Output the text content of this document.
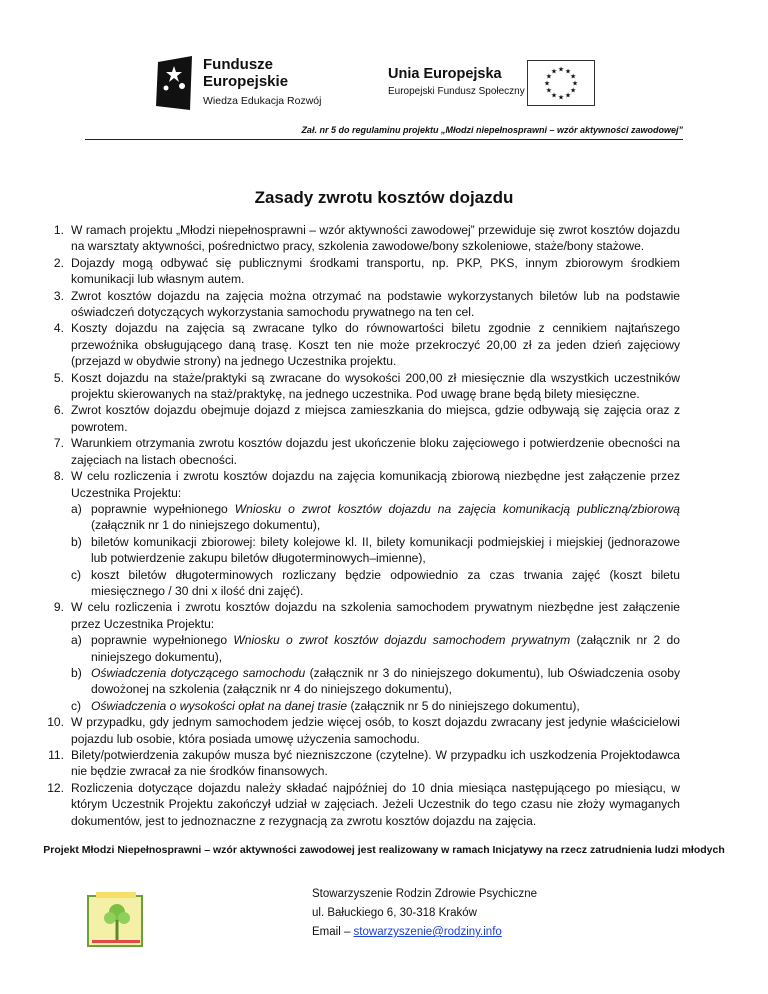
Fundusze
Europejskie
Wiedza Edukacja Rozwój
Unia Europejska
Europejski Fundusz Społeczny
★ ★
★
★
★
★
★
★
★
★
★
★
Zał. nr 5 do regulaminu projektu „Młodzi niepełnosprawni – wzór aktywności zawodowej”
Zasady zwrotu kosztów dojazdu
1. W ramach projektu „Młodzi niepełnosprawni – wzór aktywności zawodowej” przewiduje się zwrot kosztów dojazdu na warsztaty aktywności, pośrednictwo pracy, szkolenia zawodowe/bony szkoleniowe, staże/bony stażowe.
2. Dojazdy mogą odbywać się publicznymi środkami transportu, np. PKP, PKS, innym zbiorowym środkiem komunikacji lub własnym autem.
3. Zwrot kosztów dojazdu na zajęcia można otrzymać na podstawie wykorzystanych biletów lub na podstawie oświadczeń dotyczących wykorzystania samochodu prywatnego na ten cel.
4. Koszty dojazdu na zajęcia są zwracane tylko do równowartości biletu zgodnie z cennikiem najtańszego przewoźnika obsługującego daną trasę. Koszt ten nie może przekroczyć 20,00 zł za jeden dzień zajęciowy (przejazd w obydwie strony) na jednego Uczestnika projektu.
5. Koszt dojazdu na staże/praktyki są zwracane do wysokości 200,00 zł miesięcznie dla wszystkich uczestników projektu skierowanych na staż/praktykę, na jednego uczestnika. Pod uwagę brane będą bilety miesięczne.
6. Zwrot kosztów dojazdu obejmuje dojazd z miejsca zamieszkania do miejsca, gdzie odbywają się zajęcia oraz z powrotem.
7. Warunkiem otrzymania zwrotu kosztów dojazdu jest ukończenie bloku zajęciowego i potwierdzenie obecności na zajęciach na listach obecności.
8. W celu rozliczenia i zwrotu kosztów dojazdu na zajęcia komunikacją zbiorową niezbędne jest załączenie przez Uczestnika Projektu:
a) poprawnie wypełnionego Wniosku o zwrot kosztów dojazdu na zajęcia komunikacją publiczną/zbiorową (załącznik nr 1 do niniejszego dokumentu),
b) biletów komunikacji zbiorowej: bilety kolejowe kl. II, bilety komunikacji podmiejskiej i miejskiej (jednorazowe lub potwierdzenie zakupu biletów długoterminowych–imienne),
c) koszt biletów długoterminowych rozliczany będzie odpowiednio za czas trwania zajęć (koszt biletu miesięcznego / 30 dni x ilość dni zajęć).
9. W celu rozliczenia i zwrotu kosztów dojazdu na szkolenia samochodem prywatnym niezbędne jest załączenie przez Uczestnika Projektu:
a) poprawnie wypełnionego Wniosku o zwrot kosztów dojazdu samochodem prywatnym (załącznik nr 2 do niniejszego dokumentu),
b) Oświadczenia dotyczącego samochodu (załącznik nr 3 do niniejszego dokumentu), lub Oświadczenia osoby dowożonej na szkolenia (załącznik nr 4 do niniejszego dokumentu),
c) Oświadczenia o wysokości opłat na danej trasie (załącznik nr 5 do niniejszego dokumentu),
10. W przypadku, gdy jednym samochodem jedzie więcej osób, to koszt dojazdu zwracany jest jedynie właścicielowi pojazdu lub osobie, która posiada umowę użyczenia samochodu.
11. Bilety/potwierdzenia zakupów musza być niezniszczone (czytelne). W przypadku ich uszkodzenia Projektodawca nie będzie zwracał za nie środków finansowych.
12. Rozliczenia dotyczące dojazdu należy składać najpóźniej do 10 dnia miesiąca następującego po miesiącu, w którym Uczestnik Projektu zakończył udział w zajęciach. Jeżeli Uczestnik do tego czasu nie złoży wymaganych dokumentów, jest to jednoznaczne z rezygnacją za zwrotu kosztów dojazdu na zajęcia.
Projekt Młodzi Niepełnosprawni – wzór aktywności zawodowej jest realizowany w ramach Inicjatywy na rzecz zatrudnienia ludzi młodych
Stowarzyszenie Rodzin Zdrowie Psychiczne
ul. Bałuckiego 6, 30-318 Kraków
Email – stowarzyszenie@rodziny.info
